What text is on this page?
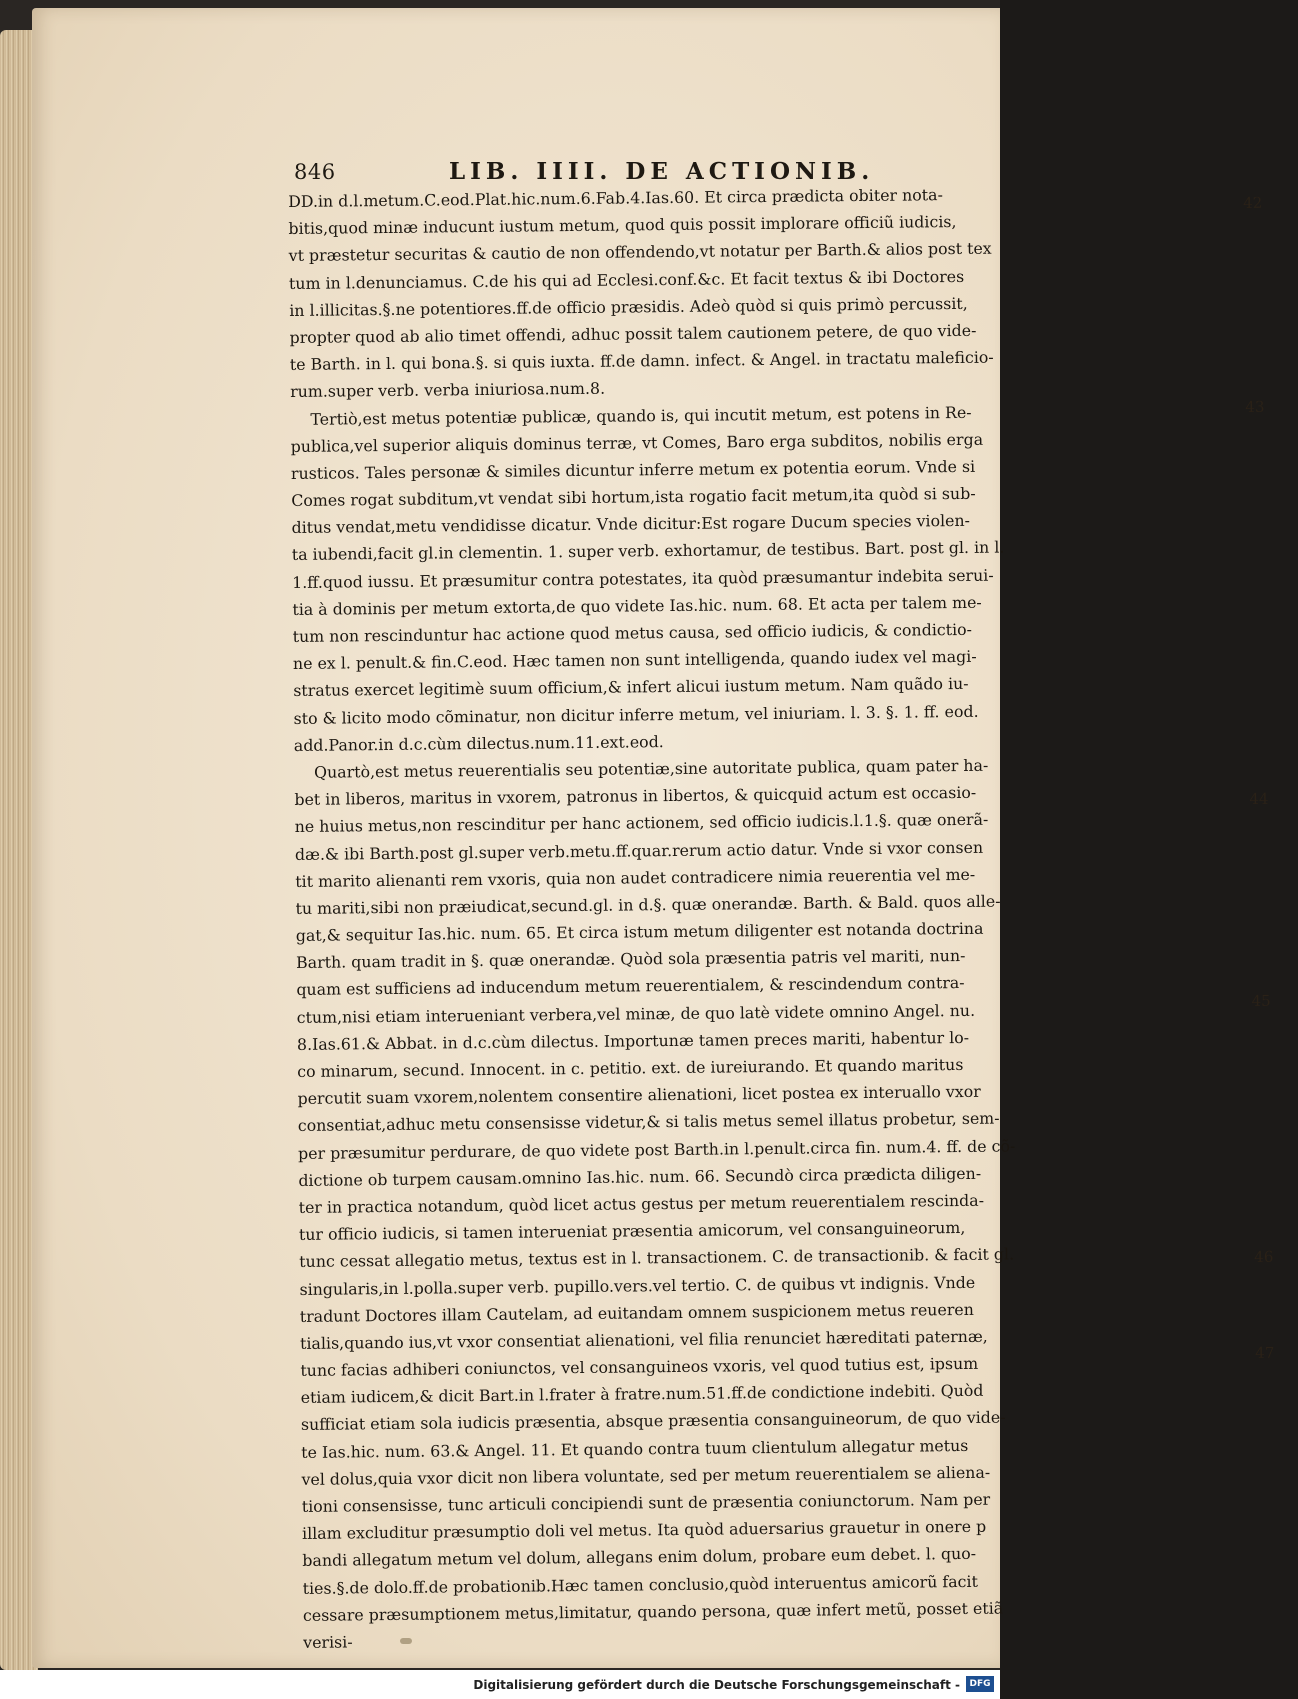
846	LIB. IIII. DE ACTIONIB.
42
43
44
45
46
47
DD.in d.l.metum.C.eod.Plat.hic.num.6.Fab.4.Ias.60. Et circa prædicta obiter nota-
bitis,quod minæ inducunt iustum metum, quod quis possit implorare officiũ iudicis,
vt præstetur securitas & cautio de non offendendo,vt notatur per Barth.& alios post tex
tum in l.denunciamus. C.de his qui ad Ecclesi.conf.&c. Et facit textus & ibi Doctores
in l.illicitas.§.ne potentiores.ff.de officio præsidis. Adeò quòd si quis primò percussit,
propter quod ab alio timet offendi, adhuc possit talem cautionem petere, de quo vide-
te Barth. in l. qui bona.§. si quis iuxta. ff.de damn. infect. & Angel. in tractatu maleficio-
rum.super verb. verba iniuriosa.num.8.
Tertiò,est metus potentiæ publicæ, quando is, qui incutit metum, est potens in Re-
publica,vel superior aliquis dominus terræ, vt Comes, Baro erga subditos, nobilis erga
rusticos. Tales personæ & similes dicuntur inferre metum ex potentia eorum. Vnde si
Comes rogat subditum,vt vendat sibi hortum,ista rogatio facit metum,ita quòd si sub-
ditus vendat,metu vendidisse dicatur. Vnde dicitur:Est rogare Ducum species violen-
ta iubendi,facit gl.in clementin. 1. super verb. exhortamur, de testibus. Bart. post gl. in l.
1.ff.quod iussu. Et præsumitur contra potestates, ita quòd præsumantur indebita serui-
tia à dominis per metum extorta,de quo videte Ias.hic. num. 68. Et acta per talem me-
tum non rescinduntur hac actione quod metus causa, sed officio iudicis, & condictio-
ne ex l. penult.& fin.C.eod. Hæc tamen non sunt intelligenda, quando iudex vel magi-
stratus exercet legitimè suum officium,& infert alicui iustum metum. Nam quãdo iu-
sto & licito modo cõminatur, non dicitur inferre metum, vel iniuriam. l. 3. §. 1. ff. eod.
add.Panor.in d.c.cùm dilectus.num.11.ext.eod.
Quartò,est metus reuerentialis seu potentiæ,sine autoritate publica, quam pater ha-
bet in liberos, maritus in vxorem, patronus in libertos, & quicquid actum est occasio-
ne huius metus,non rescinditur per hanc actionem, sed officio iudicis.l.1.§. quæ onerã-
dæ.& ibi Barth.post gl.super verb.metu.ff.quar.rerum actio datur. Vnde si vxor consen
tit marito alienanti rem vxoris, quia non audet contradicere nimia reuerentia vel me-
tu mariti,sibi non præiudicat,secund.gl. in d.§. quæ onerandæ. Barth. & Bald. quos alle-
gat,& sequitur Ias.hic. num. 65. Et circa istum metum diligenter est notanda doctrina
Barth. quam tradit in §. quæ onerandæ. Quòd sola præsentia patris vel mariti, nun-
quam est sufficiens ad inducendum metum reuerentialem, & rescindendum contra-
ctum,nisi etiam interueniant verbera,vel minæ, de quo latè videte omnino Angel. nu.
8.Ias.61.& Abbat. in d.c.cùm dilectus. Importunæ tamen preces mariti, habentur lo-
co minarum, secund. Innocent. in c. petitio. ext. de iureiurando. Et quando maritus
percutit suam vxorem,nolentem consentire alienationi, licet postea ex interuallo vxor
consentiat,adhuc metu consensisse videtur,& si talis metus semel illatus probetur, sem-
per præsumitur perdurare, de quo videte post Barth.in l.penult.circa fin. num.4. ff. de cõ-
dictione ob turpem causam.omnino Ias.hic. num. 66. Secundò circa prædicta diligen-
ter in practica notandum, quòd licet actus gestus per metum reuerentialem rescinda-
tur officio iudicis, si tamen interueniat præsentia amicorum, vel consanguineorum,
tunc cessat allegatio metus, textus est in l. transactionem. C. de transactionib. & facit gl.
singularis,in l.polla.super verb. pupillo.vers.vel tertio. C. de quibus vt indignis. Vnde
tradunt Doctores illam Cautelam, ad euitandam omnem suspicionem metus reueren
tialis,quando ius,vt vxor consentiat alienationi, vel filia renunciet hæreditati paternæ,
tunc facias adhiberi coniunctos, vel consanguineos vxoris, vel quod tutius est, ipsum
etiam iudicem,& dicit Bart.in l.frater à fratre.num.51.ff.de condictione indebiti. Quòd
sufficiat etiam sola iudicis præsentia, absque præsentia consanguineorum, de quo vide-
te Ias.hic. num. 63.& Angel. 11. Et quando contra tuum clientulum allegatur metus
vel dolus,quia vxor dicit non libera voluntate, sed per metum reuerentialem se aliena-
tioni consensisse, tunc articuli concipiendi sunt de præsentia coniunctorum. Nam per
illam excluditur præsumptio doli vel metus. Ita quòd aduersarius grauetur in onere p
bandi allegatum metum vel dolum, allegans enim dolum, probare eum debet. l. quo-
ties.§.de dolo.ff.de probationib.Hæc tamen conclusio,quòd interuentus amicorũ facit
cessare præsumptionem metus,limitatur, quando persona, quæ infert metũ, posset etiã
verisi-
Digitalisierung gefördert durch die Deutsche Forschungsgemeinschaft -	DFG
